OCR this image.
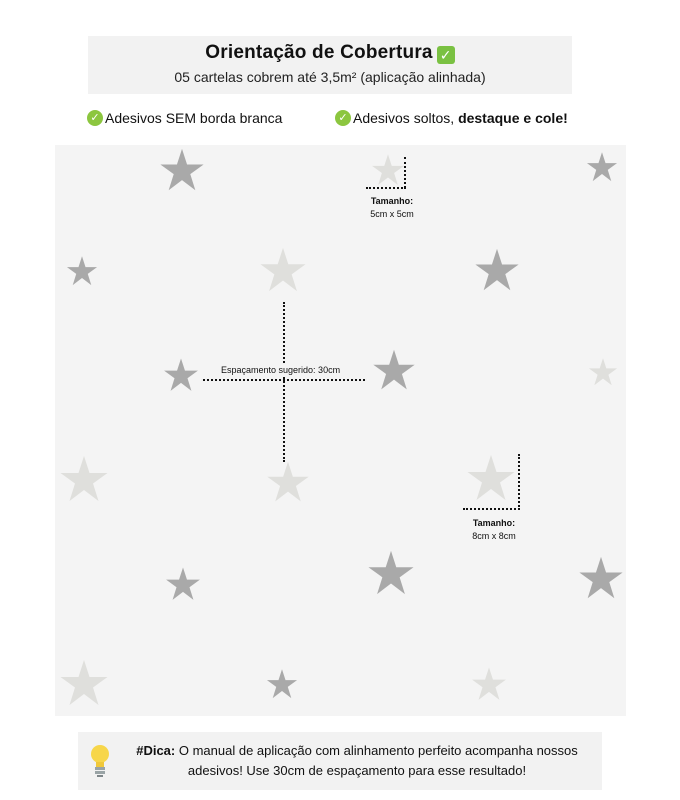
Orientação de Cobertura ✓
05 cartelas cobrem até 3,5m² (aplicação alinhada)
✓ Adesivos SEM borda branca	✓ Adesivos soltos,
destaque e cole!
Tamanho:
5cm x 5cm
Espaçamento sugerido: 30cm
Tamanho:
8cm x 8cm
#Dica: O manual de aplicação com alinhamento perfeito acompanha nossos adesivos! Use 30cm de espaçamento para esse resultado!
